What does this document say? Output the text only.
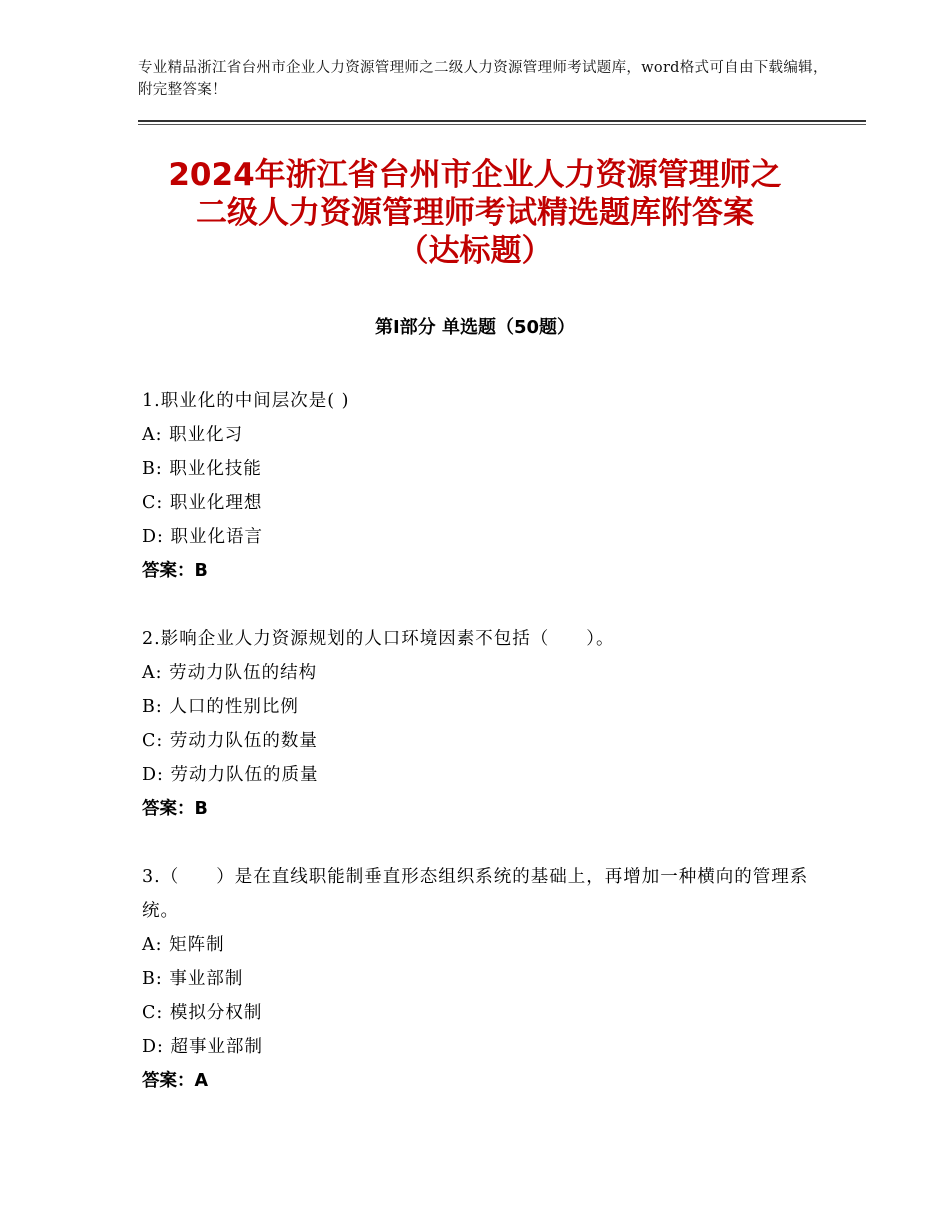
专业精品浙江省台州市企业人力资源管理师之二级人力资源管理师考试题库，word格式可自由下载编辑，附完整答案！
2024年浙江省台州市企业人力资源管理师之
二级人力资源管理师考试精选题库附答案
（达标题）
第Ⅰ部分 单选题（50题）
1.职业化的中间层次是( )
A: 职业化习
B: 职业化技能
C: 职业化理想
D: 职业化语言
答案：B
2.影响企业人力资源规划的人口环境因素不包括（　　）。
A: 劳动力队伍的结构
B: 人口的性别比例
C: 劳动力队伍的数量
D: 劳动力队伍的质量
答案：B
3.（　　）是在直线职能制垂直形态组织系统的基础上，再增加一种横向的管理系统。
A: 矩阵制
B: 事业部制
C: 模拟分权制
D: 超事业部制
答案：A
